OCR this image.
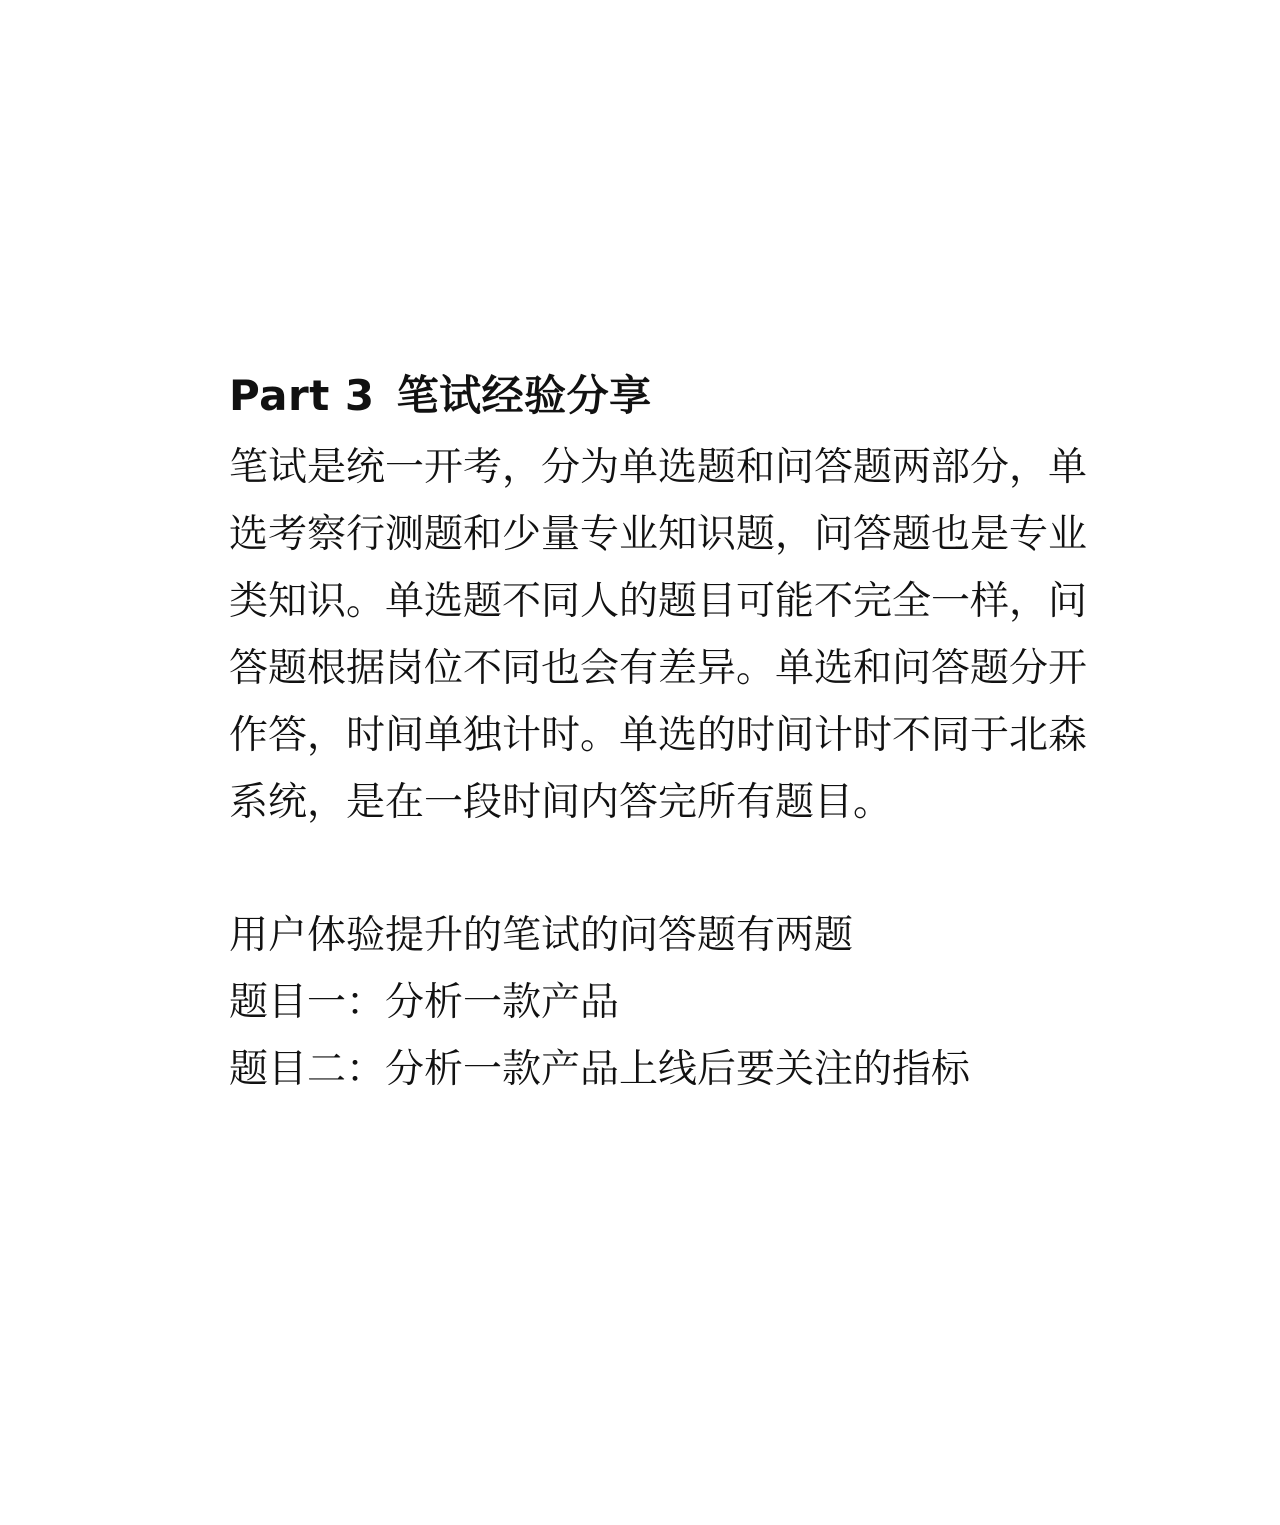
Part 3 笔试经验分享

笔试是统一开考，分为单选题和问答题两部分，单
选考察行测题和少量专业知识题，问答题也是专业
类知识。单选题不同人的题目可能不完全一样，问
答题根据岗位不同也会有差异。单选和问答题分开
作答，时间单独计时。单选的时间计时不同于北森
系统，是在一段时间内答完所有题目。

用户体验提升的笔试的问答题有两题
题目一：分析一款产品
题目二：分析一款产品上线后要关注的指标
